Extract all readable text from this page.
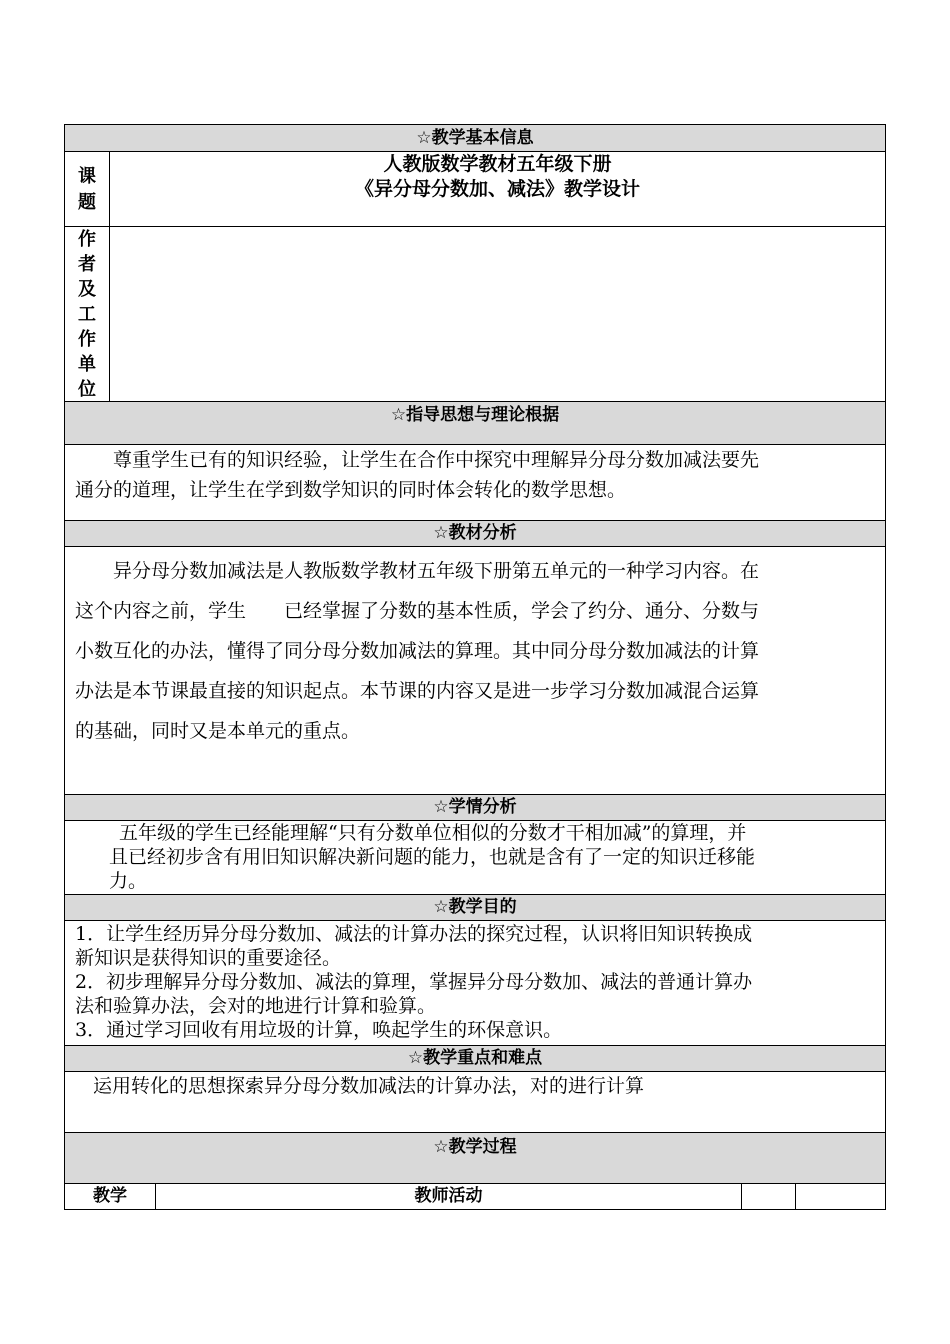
☆教学基本信息
课
题
人教版数学教材五年级下册
《异分母分数加、减法》教学设计
作
者
及
工
作
单
位
☆指导思想与理论根据
尊重学生已有的知识经验，让学生在合作中探究中理解异分母分数加减法要先
通分的道理，让学生在学到数学知识的同时体会转化的数学思想。
☆教材分析
异分母分数加减法是人教版数学教材五年级下册第五单元的一种学习内容。在
这个内容之前，学生　　已经掌握了分数的基本性质，学会了约分、通分、分数与
小数互化的办法，懂得了同分母分数加减法的算理。其中同分母分数加减法的计算
办法是本节课最直接的知识起点。本节课的内容又是进一步学习分数加减混合运算
的基础，同时又是本单元的重点。
☆学情分析
五年级的学生已经能理解“只有分数单位相似的分数才干相加减”的算理，并
且已经初步含有用旧知识解决新问题的能力，也就是含有了一定的知识迁移能
力。
☆教学目的
1．让学生经历异分母分数加、减法的计算办法的探究过程，认识将旧知识转换成
新知识是获得知识的重要途径。
2．初步理解异分母分数加、减法的算理，掌握异分母分数加、减法的普通计算办
法和验算办法，会对的地进行计算和验算。
3．通过学习回收有用垃圾的计算，唤起学生的环保意识。
☆教学重点和难点
运用转化的思想探索异分母分数加减法的计算办法，对的进行计算
☆教学过程
教学	教师活动
